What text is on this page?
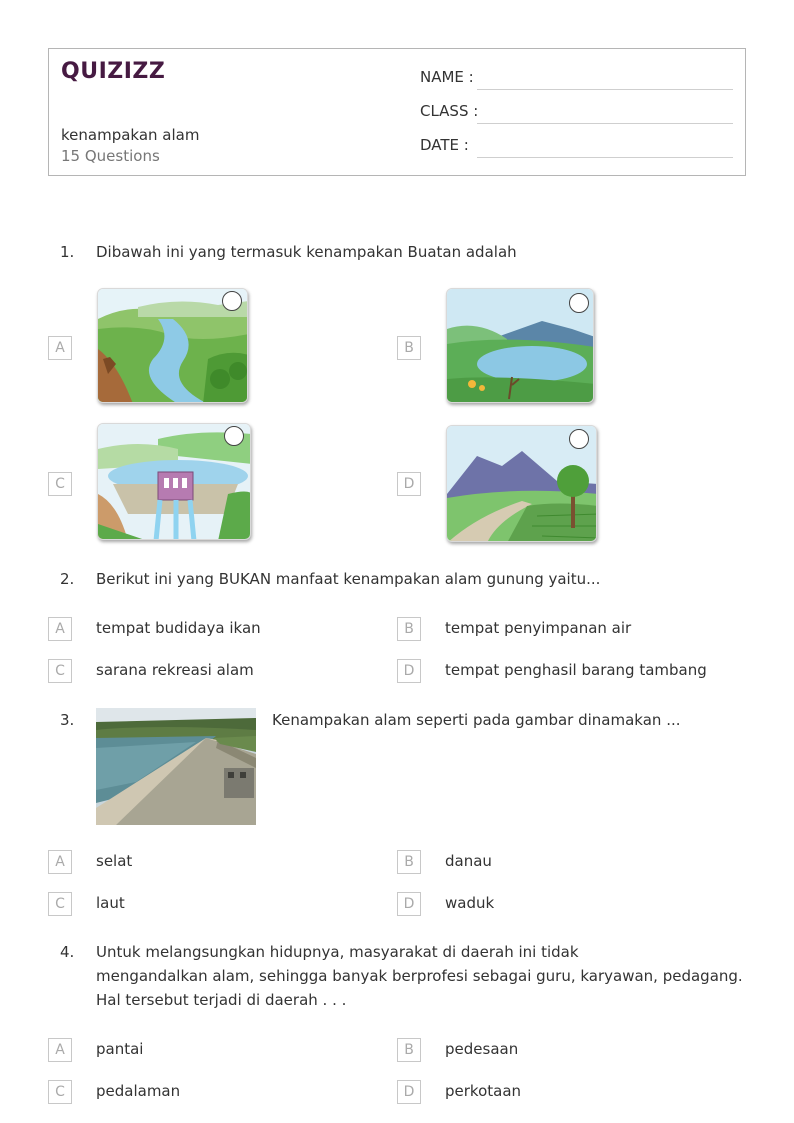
QUIZIZZ
kenampakan alam
15 Questions
NAME :
CLASS :
DATE :
1. Dibawah ini yang termasuk kenampakan Buatan adalah
A	B
C	D
2. Berikut ini yang BUKAN manfaat kenampakan alam gunung yaitu...
A	tempat budidaya ikan	B	tempat penyimpanan air
C	sarana rekreasi alam	D	tempat penghasil barang tambang
3.	Kenampakan alam seperti pada gambar dinamakan ...
A	selat	B	danau
C	laut	D	waduk
4. Untuk melangsungkan hidupnya, masyarakat di daerah ini tidak
mengandalkan alam, sehingga banyak berprofesi sebagai guru, karyawan, pedagang.
Hal tersebut terjadi di daerah . . .
A	pantai	B	pedesaan
C	pedalaman	D	perkotaan
